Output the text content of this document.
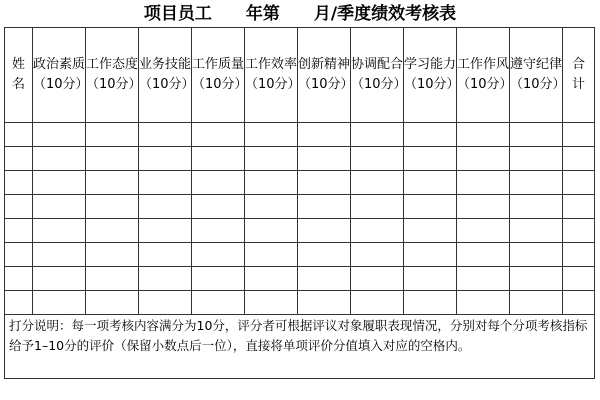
项目员工　　年第　　月/季度绩效考核表
姓名	政治素质（10分）	工作态度（10分）	业务技能（10分）	工作质量（10分）	工作效率（10分）	创新精神（10分）	协调配合（10分）	学习能力（10分）	工作作风（10分）	遵守纪律（10分）	合计

打分说明：每一项考核内容满分为10分，评分者可根据评议对象履职表现情况，分别对每个分项考核指标给予1–10分的评价（保留小数点后一位），直接将单项评价分值填入对应的空格内。											
